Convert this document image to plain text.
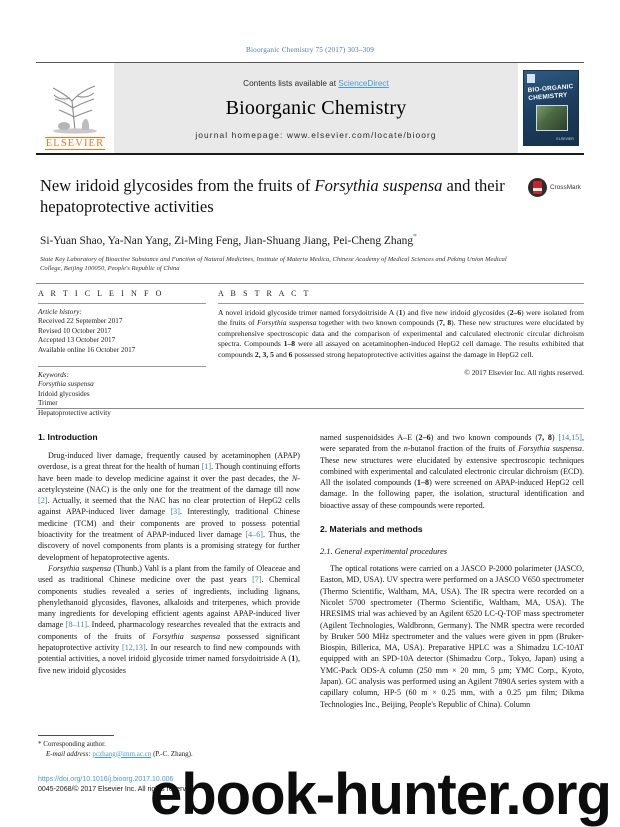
Bioorganic Chemistry 75 (2017) 303–309
ELSEVIER
Contents lists available at ScienceDirect
Bioorganic Chemistry
journal homepage: www.elsevier.com/locate/bioorg
BIO-ORGANIC CHEMISTRY
ELSEVIER
New iridoid glycosides from the fruits of Forsythia suspensa and their hepatoprotective activities
Si-Yuan Shao, Ya-Nan Yang, Zi-Ming Feng, Jian-Shuang Jiang, Pei-Cheng Zhang*
State Key Laboratory of Bioactive Substance and Function of Natural Medicines, Institute of Materia Medica, Chinese Academy of Medical Sciences and Peking Union Medical College, Beijing 100050, People's Republic of China
CrossMark
A R T I C L E I N F O
Article history:
Received 22 September 2017
Revised 10 October 2017
Accepted 13 October 2017
Available online 16 October 2017
Keywords:
Forsythia suspensa
Iridoid glycosides
Trimer
Hepatoprotective activity
A B S T R A C T
A novel iridoid glycoside trimer named forsydoitriside A (1) and five new iridoid glycosides (2–6) were isolated from the fruits of Forsythia suspensa together with two known compounds (7, 8). These new structures were elucidated by comprehensive spectroscopic data and the comparison of experimental and calculated electronic circular dichroism spectra. Compounds 1–8 were all assayed on acetaminophen-induced HepG2 cell damage. The results exhibited that compounds 2, 3, 5 and 6 possessed strong hepatoprotective activities against the damage in HepG2 cell.
© 2017 Elsevier Inc. All rights reserved.
1. Introduction

Drug-induced liver damage, frequently caused by acetaminophen (APAP) overdose, is a great threat for the health of human [1]. Though continuing efforts have been made to develop medicine against it over the past decades, the N-acetylcysteine (NAC) is the only one for the treatment of the damage till now [2]. Actually, it seemed that the NAC has no clear protection of HepG2 cells against APAP-induced liver damage [3]. Interestingly, traditional Chinese medicine (TCM) and their components are proved to possess potential bioactivity for the treatment of APAP-induced liver damage [4–6]. Thus, the discovery of novel components from plants is a promising strategy for further development of hepatoprotective agents.

Forsythia suspensa (Thunb.) Vahl is a plant from the family of Oleaceae and used as traditional Chinese medicine over the past years [7]. Chemical components studies revealed a series of ingredients, including lignans, phenylethanoid glycosides, flavones, alkaloids and triterpenes, which provide many ingredients for developing efficient agents against APAP-induced liver damage [8–11]. Indeed, pharmacology researches revealed that the extracts and components of the fruits of Forsythia suspensa possessed significant hepatoprotective activity [12,13]. In our research to find new compounds with potential activities, a novel iridoid glycoside trimer named forsydoitriside A (1), five new iridoid glycosides

named suspenoidsides A–E (2–6) and two known compounds (7, 8) [14,15], were separated from the n-butanol fraction of the fruits of Forsythia suspensa. These new structures were elucidated by extensive spectroscopic techniques combined with experimental and calculated electronic circular dichroism (ECD). All the isolated compounds (1–8) were screened on APAP-induced HepG2 cell damage. In the following paper, the isolation, structural identification and bioactive assay of these compounds were reported.

2. Materials and methods
2.1. General experimental procedures

The optical rotations were carried on a JASCO P-2000 polarimeter (JASCO, Easton, MD, USA). UV spectra were performed on a JASCO V650 spectrometer (Thermo Scientific, Waltham, MA, USA). The IR spectra were recorded on a Nicolet 5700 spectrometer (Thermo Scientific, Waltham, MA, USA). The HRESIMS trial was achieved by an Agilent 6520 LC-Q-TOF mass spectrometer (Agilent Technologies, Waldbronn, Germany). The NMR spectra were recorded by Bruker 500 MHz spectrometer and the values were given in ppm (Bruker-Biospin, Billerica, MA, USA). Preparative HPLC was a Shimadzu LC-10AT equipped with an SPD-10A detector (Shimadzu Corp., Tokyo, Japan) using a YMC-Pack ODS-A column (250 mm × 20 mm, 5 µm; YMC Corp., Kyoto, Japan). GC analysis was performed using an Agilent 7890A series system with a capillary column, HP-5 (60 m × 0.25 mm, with a 0.25 µm film; Dikma Technologies Inc., Beijing, People's Republic of China). Column

* Corresponding author.
E-mail address: pczhang@imm.ac.cn (P.-C. Zhang).
https://doi.org/10.1016/j.bioorg.2017.10.006
0045-2068/© 2017 Elsevier Inc. All rights reserved.
ebook-hunter.org
